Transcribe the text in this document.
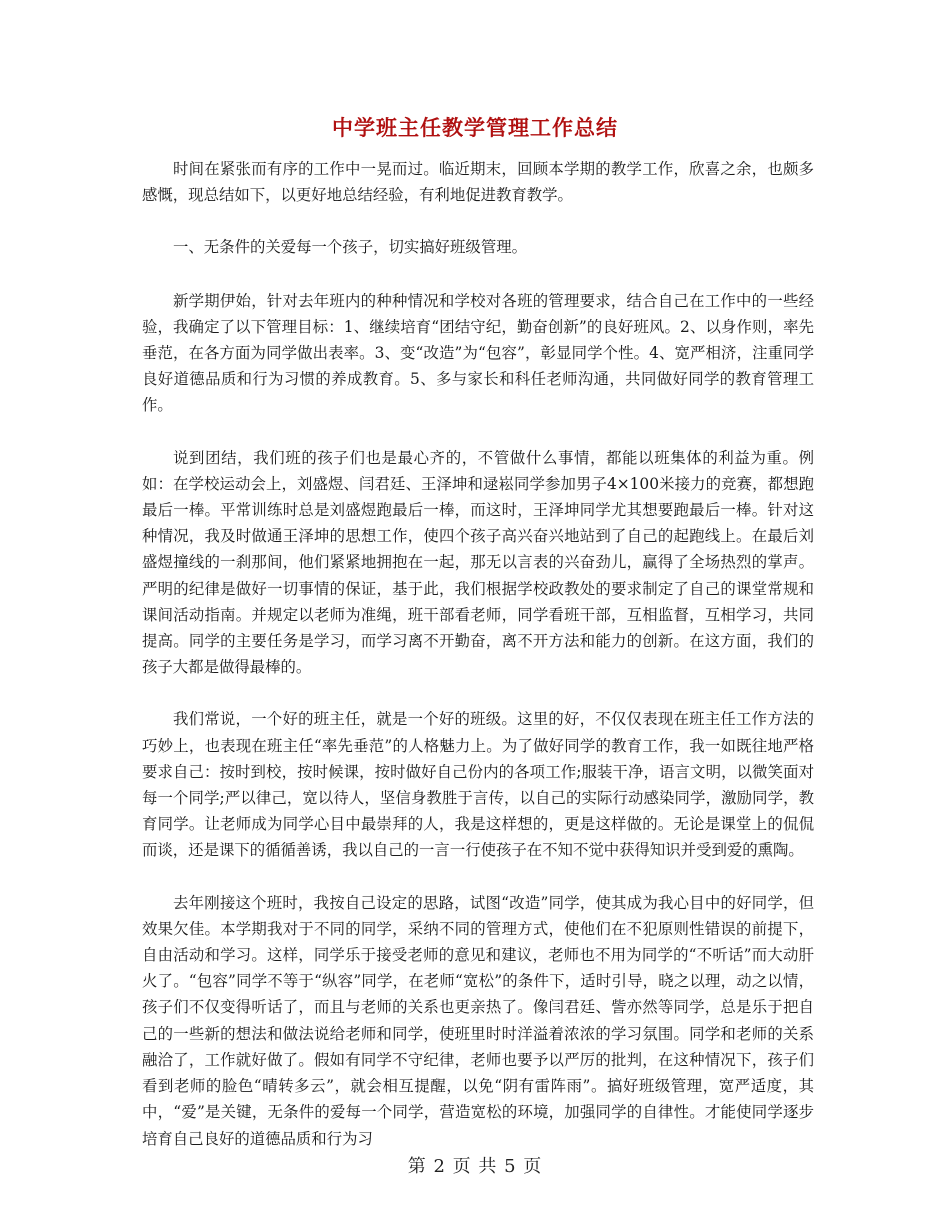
中学班主任教学管理工作总结

时间在紧张而有序的工作中一晃而过。临近期末，回顾本学期的教学工作，欣喜之余，也颇多感慨，现总结如下，以更好地总结经验，有利地促进教育教学。

一、无条件的关爱每一个孩子，切实搞好班级管理。

新学期伊始，针对去年班内的种种情况和学校对各班的管理要求，结合自己在工作中的一些经验，我确定了以下管理目标：1、继续培育“团结守纪，勤奋创新”的良好班风。2、以身作则，率先垂范，在各方面为同学做出表率。3、变“改造”为“包容”，彰显同学个性。4、宽严相济，注重同学良好道德品质和行为习惯的养成教育。5、多与家长和科任老师沟通，共同做好同学的教育管理工作。

说到团结，我们班的孩子们也是最心齐的，不管做什么事情，都能以班集体的利益为重。例如：在学校运动会上，刘盛煜、闫君廷、王泽坤和逯崧同学参加男子4×100米接力的竞赛，都想跑最后一棒。平常训练时总是刘盛煜跑最后一棒，而这时，王泽坤同学尤其想要跑最后一棒。针对这种情况，我及时做通王泽坤的思想工作，使四个孩子高兴奋兴地站到了自己的起跑线上。在最后刘盛煜撞线的一刹那间，他们紧紧地拥抱在一起，那无以言表的兴奋劲儿，赢得了全场热烈的掌声。严明的纪律是做好一切事情的保证，基于此，我们根据学校政教处的要求制定了自己的课堂常规和课间活动指南。并规定以老师为准绳，班干部看老师，同学看班干部，互相监督，互相学习，共同提高。同学的主要任务是学习，而学习离不开勤奋，离不开方法和能力的创新。在这方面，我们的孩子大都是做得最棒的。

我们常说，一个好的班主任，就是一个好的班级。这里的好，不仅仅表现在班主任工作方法的巧妙上，也表现在班主任“率先垂范”的人格魅力上。为了做好同学的教育工作，我一如既往地严格要求自己：按时到校，按时候课，按时做好自己份内的各项工作;服装干净，语言文明，以微笑面对每一个同学;严以律己，宽以待人，坚信身教胜于言传，以自己的实际行动感染同学，激励同学，教育同学。让老师成为同学心目中最崇拜的人，我是这样想的，更是这样做的。无论是课堂上的侃侃而谈，还是课下的循循善诱，我以自己的一言一行使孩子在不知不觉中获得知识并受到爱的熏陶。

去年刚接这个班时，我按自己设定的思路，试图“改造”同学，使其成为我心目中的好同学，但效果欠佳。本学期我对于不同的同学，采纳不同的管理方式，使他们在不犯原则性错误的前提下，自由活动和学习。这样，同学乐于接受老师的意见和建议，老师也不用为同学的“不听话”而大动肝火了。“包容”同学不等于“纵容”同学，在老师“宽松”的条件下，适时引导，晓之以理，动之以情，孩子们不仅变得听话了，而且与老师的关系也更亲热了。像闫君廷、訾亦然等同学，总是乐于把自己的一些新的想法和做法说给老师和同学，使班里时时洋溢着浓浓的学习氛围。同学和老师的关系融洽了，工作就好做了。假如有同学不守纪律，老师也要予以严厉的批判，在这种情况下，孩子们看到老师的脸色“晴转多云”，就会相互提醒，以免“阴有雷阵雨”。搞好班级管理，宽严适度，其中，“爱”是关键，无条件的爱每一个同学，营造宽松的环境，加强同学的自律性。才能使同学逐步培育自己良好的道德品质和行为习

第 2 页 共 5 页
